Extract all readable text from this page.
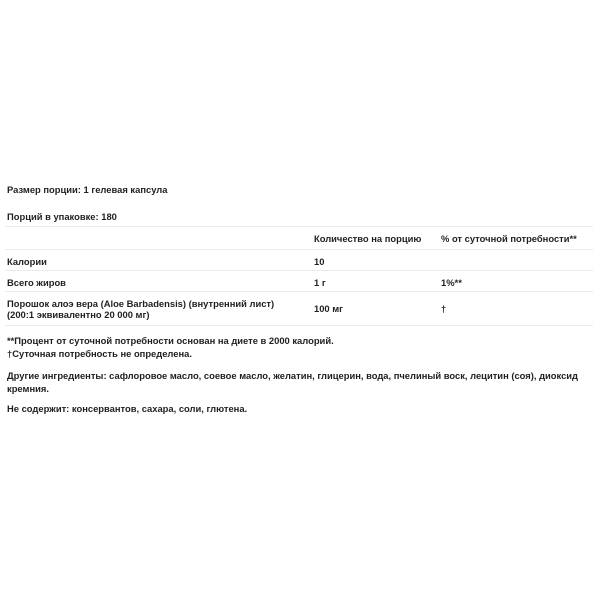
Размер порции: 1 гелевая капсула
Порций в упаковке: 180
	Количество на порцию	% от суточной потребности**
Калории	10	
Всего жиров	1 г	1%**

Порошок алоэ вера (Aloe Barbadensis) (внутренний лист)
(200:1 эквивалентно 20 000 мг)	100 мг	†

**Процент от суточной потребности основан на диете в 2000 калорий.

†Суточная потребность не определена.

Другие ингредиенты: сафлоровое масло, соевое масло, желатин, глицерин, вода, пчелиный воск, лецитин (соя), диоксид кремния.
Не содержит: консервантов, сахара, соли, глютена.
